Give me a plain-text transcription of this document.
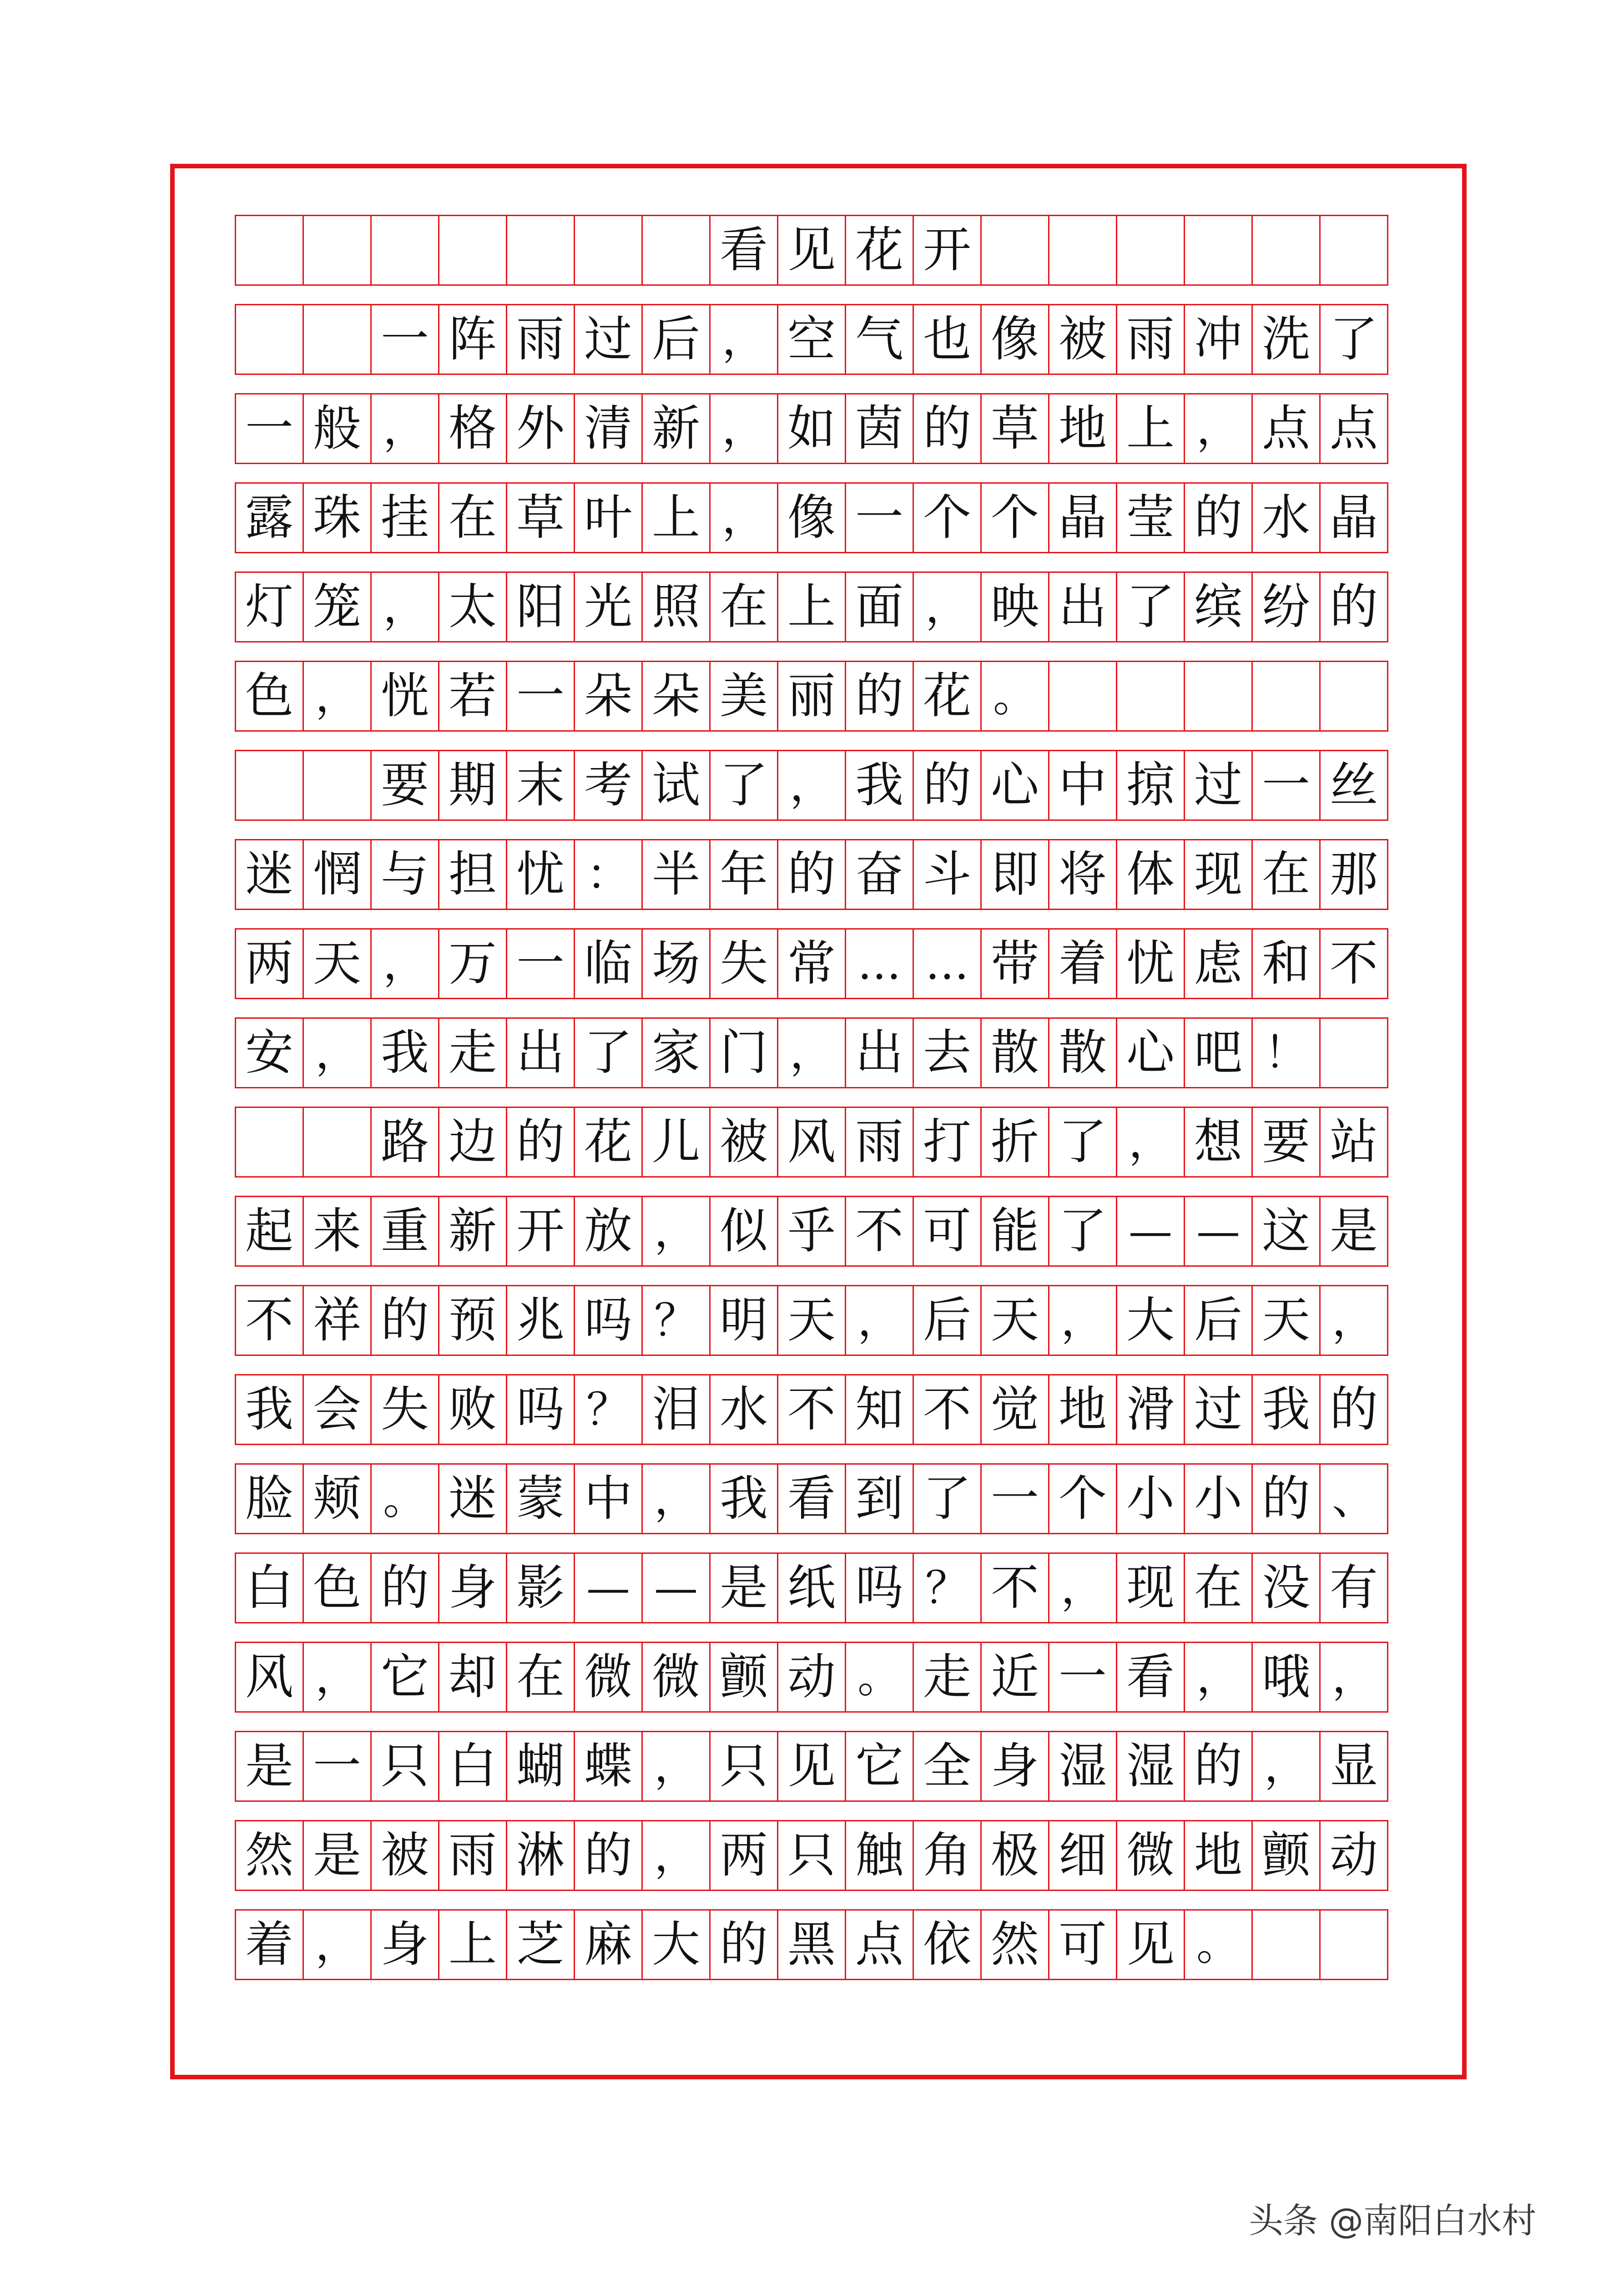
看 见 花 开
一 阵 雨 过 后 ， 空 气 也 像 被 雨 冲 洗 了
一 般 ， 格 外 清 新 ， 如 茵 的 草 地 上 ， 点 点
露 珠 挂 在 草 叶 上 ， 像 一 个 个 晶 莹 的 水 晶
灯 笼 ， 太 阳 光 照 在 上 面 ， 映 出 了 缤 纷 的
色 ， 恍 若 一 朵 朵 美 丽 的 花 。
要 期 末 考 试 了 ， 我 的 心 中 掠 过 一 丝
迷 惘 与 担 忧 ： 半 年 的 奋 斗 即 将 体 现 在 那
两 天 ， 万 一 临 场 失 常 … … 带 着 忧 虑 和 不
安 ， 我 走 出 了 家 门 ， 出 去 散 散 心 吧 ！
路 边 的 花 儿 被 风 雨 打 折 了 ， 想 要 站
起 来 重 新 开 放 ， 似 乎 不 可 能 了 — — 这 是
不 祥 的 预 兆 吗 ？ 明 天 ， 后 天 ， 大 后 天 ，
我 会 失 败 吗 ？ 泪 水 不 知 不 觉 地 滑 过 我 的
脸 颊 。 迷 蒙 中 ， 我 看 到 了 一 个 小 小 的 、
白 色 的 身 影 — — 是 纸 吗 ？ 不 ， 现 在 没 有
风 ， 它 却 在 微 微 颤 动 。 走 近 一 看 ， 哦 ，
是 一 只 白 蝴 蝶 ， 只 见 它 全 身 湿 湿 的 ， 显
然 是 被 雨 淋 的 ， 两 只 触 角 极 细 微 地 颤 动
着 ， 身 上 芝 麻 大 的 黑 点 依 然 可 见 。
头条 @南阳白水村
